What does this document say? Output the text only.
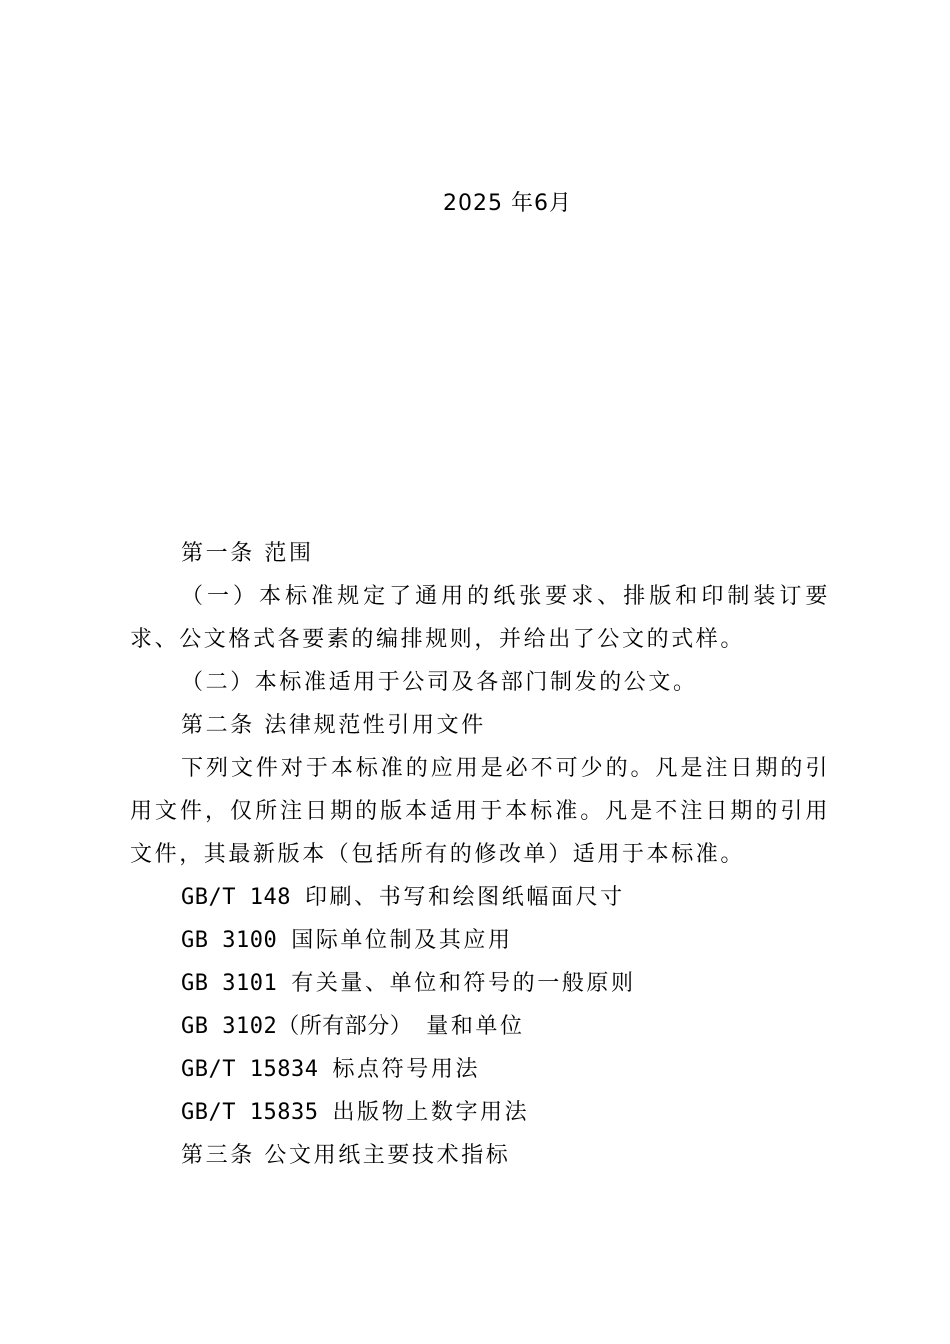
2025 年6月

第一条 范围

（一）本标准规定了通用的纸张要求、排版和印制装订要求、公文格式各要素的编排规则，并给出了公文的式样。

（二）本标准适用于公司及各部门制发的公文。

第二条 法律规范性引用文件

下列文件对于本标准的应用是必不可少的。凡是注日期的引用文件，仅所注日期的版本适用于本标准。凡是不注日期的引用文件，其最新版本（包括所有的修改单）适用于本标准。

GB/T 148 印刷、书写和绘图纸幅面尺寸

GB 3100 国际单位制及其应用

GB 3101 有关量、单位和符号的一般原则

GB 3102（所有部分） 量和单位

GB/T 15834 标点符号用法

GB/T 15835 出版物上数字用法

第三条 公文用纸主要技术指标
